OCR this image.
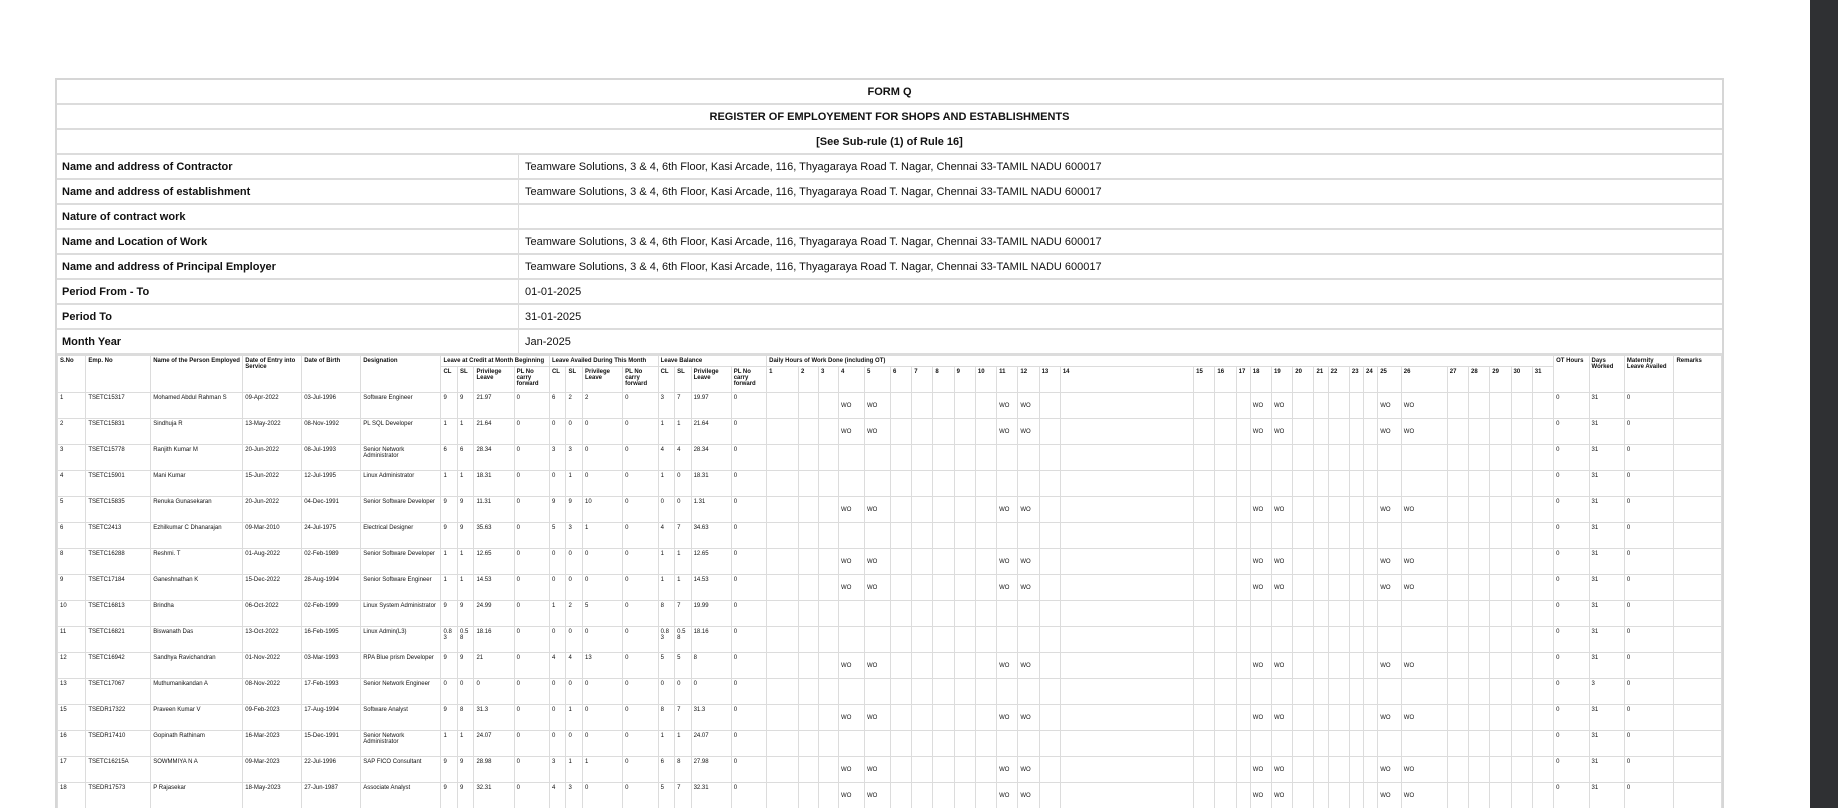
FORM Q
REGISTER OF EMPLOYEMENT FOR SHOPS AND ESTABLISHMENTS
[See Sub-rule (1) of Rule 16]
Name and address of Contractor	Teamware Solutions, 3 & 4, 6th Floor, Kasi Arcade, 116, Thyagaraya Road T. Nagar, Chennai 33-TAMIL NADU 600017
Name and address of establishment	Teamware Solutions, 3 & 4, 6th Floor, Kasi Arcade, 116, Thyagaraya Road T. Nagar, Chennai 33-TAMIL NADU 600017
Nature of contract work
Name and Location of Work	Teamware Solutions, 3 & 4, 6th Floor, Kasi Arcade, 116, Thyagaraya Road T. Nagar, Chennai 33-TAMIL NADU 600017
Name and address of Principal Employer	Teamware Solutions, 3 & 4, 6th Floor, Kasi Arcade, 116, Thyagaraya Road T. Nagar, Chennai 33-TAMIL NADU 600017
Period From - To	01-01-2025
Period To	31-01-2025
Month Year	Jan-2025
S.No	Emp. No	Name of the Person Employed	Date of Entry into Service	Date of Birth	Designation	Leave at Credit at Month Beginning				Leave Availed During This Month				Leave Balance				Daily Hours of Work Done (including OT)																															OT Hours	Days Worked	Maternity Leave Availed	Remarks
						CL	SL	Privilege Leave	PL No carry forward	CL	SL	Privilege Leave	PL No carry forward	CL	SL	Privilege Leave	PL No carry forward	1	2	3	4	5	6	7	8	9	10	11	12	13	14	15	16	17	18	19	20	21	22	23	24	25	26	27	28	29	30	31				
1	TSETC15317	Mohamed Abdul Rahman S	09-Apr-2022	03-Jul-1996	Software Engineer	9	9	21.97	0	6	2	2	0	3	7	19.97	0				WO	WO						WO	WO						WO	WO						WO	WO						0	31	0	
2	TSETC15831	Sindhuja R	13-May-2022	08-Nov-1992	PL SQL Developer	1	1	21.64	0	0	0	0	0	1	1	21.64	0				WO	WO						WO	WO						WO	WO						WO	WO						0	31	0	
3	TSETC15778	Ranjith Kumar M	20-Jun-2022	08-Jul-1993	Senior Network Administrator	6	6	28.34	0	3	3	0	0	4	4	28.34	0																																0	31	0	
4	TSETC15901	Mani Kumar	15-Jun-2022	12-Jul-1995	Linux Administrator	1	1	18.31	0	0	1	0	0	1	0	18.31	0																																0	31	0	
5	TSETC15835	Renuka Gunasekaran	20-Jun-2022	04-Dec-1991	Senior Software Developer	9	9	11.31	0	9	9	10	0	0	0	1.31	0				WO	WO						WO	WO						WO	WO						WO	WO						0	31	0	
6	TSETC2413	Ezhilkumar C Dhanarajan	09-Mar-2010	24-Jul-1975	Electrical Designer	9	9	35.63	0	5	3	1	0	4	7	34.63	0																																0	31	0	
8	TSETC16288	Reshmi. T	01-Aug-2022	02-Feb-1989	Senior Software Developer	1	1	12.65	0	0	0	0	0	1	1	12.65	0				WO	WO						WO	WO						WO	WO						WO	WO						0	31	0	
9	TSETC17184	Ganeshnathan K	15-Dec-2022	28-Aug-1994	Senior Software Engineer	1	1	14.53	0	0	0	0	0	1	1	14.53	0				WO	WO						WO	WO						WO	WO						WO	WO						0	31	0	
10	TSETC16813	Brindha	06-Oct-2022	02-Feb-1999	Linux System Administrator	9	9	24.99	0	1	2	5	0	8	7	19.99	0																																0	31	0	
11	TSETC16821	Biswanath Das	13-Oct-2022	16-Feb-1995	Linux Admin(L3)	0.83	0.58	18.16	0	0	0	0	0	0.83	0.58	18.16	0																																0	31	0	
12	TSETC16942	Sandhya Ravichandran	01-Nov-2022	03-Mar-1993	RPA Blue prism Developer	9	9	21	0	4	4	13	0	5	5	8	0				WO	WO						WO	WO						WO	WO						WO	WO						0	31	0	
13	TSETC17067	Muthumanikandan A	08-Nov-2022	17-Feb-1993	Senior Network Engineer	0	0	0	0	0	0	0	0	0	0	0	0																																0	3	0	
15	TSEDR17322	Praveen Kumar V	09-Feb-2023	17-Aug-1994	Software Analyst	9	8	31.3	0	0	1	0	0	8	7	31.3	0				WO	WO						WO	WO						WO	WO						WO	WO						0	31	0	
16	TSEDR17410	Gopinath Rathinam	16-Mar-2023	15-Dec-1991	Senior Network Administrator	1	1	24.07	0	0	0	0	0	1	1	24.07	0																																0	31	0	
17	TSETC16215A	SOWMMIYA N A	09-Mar-2023	22-Jul-1996	SAP FICO Consultant	9	9	28.98	0	3	1	1	0	6	8	27.98	0				WO	WO						WO	WO						WO	WO						WO	WO						0	31	0	
18	TSEDR17573	P Rajasekar	18-May-2023	27-Jun-1987	Associate Analyst	9	9	32.31	0	4	3	0	0	5	7	32.31	0				WO	WO						WO	WO						WO	WO						WO	WO						0	31	0	
